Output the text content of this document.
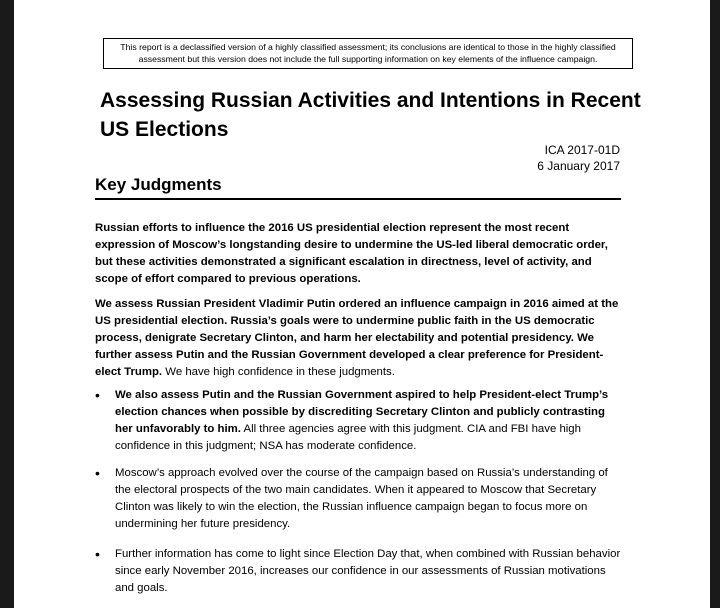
This report is a declassified version of a highly classified assessment; its conclusions are identical to those in the highly classified assessment but this version does not include the full supporting information on key elements of the influence campaign.
Assessing Russian Activities and Intentions in Recent US Elections
ICA 2017-01D
6 January 2017
Key Judgments
Russian efforts to influence the 2016 US presidential election represent the most recent expression of Moscow’s longstanding desire to undermine the US-led liberal democratic order, but these activities demonstrated a significant escalation in directness, level of activity, and scope of effort compared to previous operations.
We assess Russian President Vladimir Putin ordered an influence campaign in 2016 aimed at the US presidential election. Russia’s goals were to undermine public faith in the US democratic process, denigrate Secretary Clinton, and harm her electability and potential presidency. We further assess Putin and the Russian Government developed a clear preference for President-elect Trump. We have high confidence in these judgments.
• We also assess Putin and the Russian Government aspired to help President-elect Trump’s election chances when possible by discrediting Secretary Clinton and publicly contrasting her unfavorably to him. All three agencies agree with this judgment. CIA and FBI have high confidence in this judgment; NSA has moderate confidence.
• Moscow’s approach evolved over the course of the campaign based on Russia’s understanding of the electoral prospects of the two main candidates. When it appeared to Moscow that Secretary Clinton was likely to win the election, the Russian influence campaign began to focus more on undermining her future presidency.
• Further information has come to light since Election Day that, when combined with Russian behavior since early November 2016, increases our confidence in our assessments of Russian motivations and goals.
